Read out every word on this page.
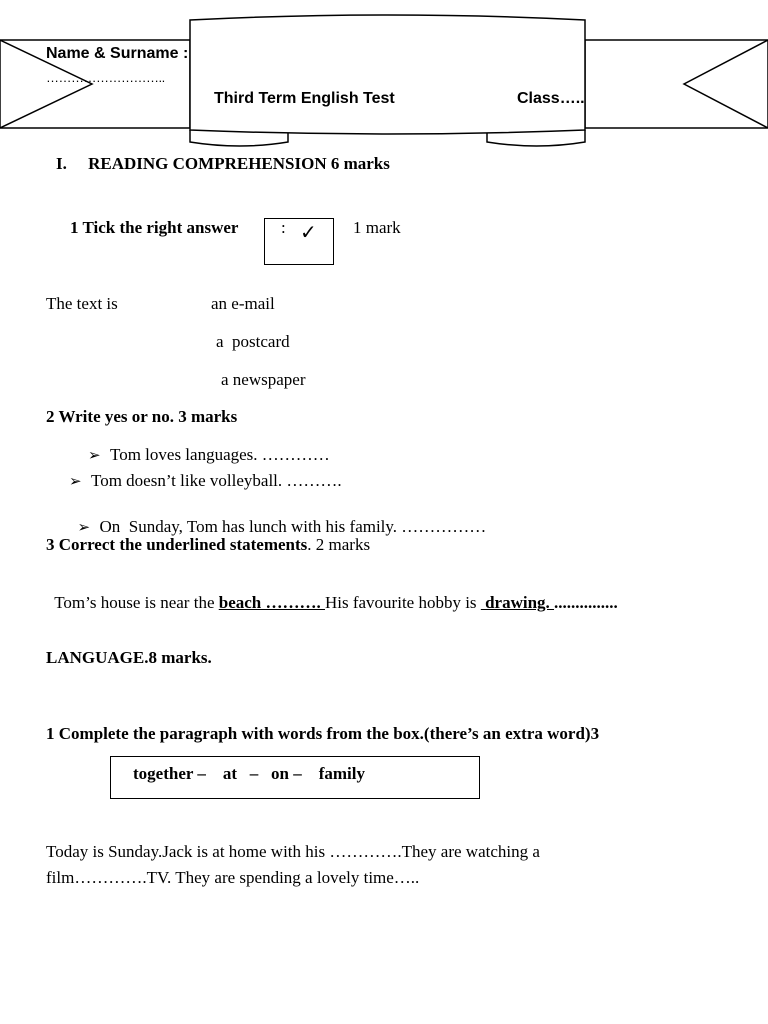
Name & Surname :
………………………..
Third Term English Test	Class…..
I.     READING COMPREHENSION 6 marks
1 Tick the right answer	: ✓ 1 mark
The text is	an e-mail
a  postcard
a newspaper
2 Write yes or no. 3 marks
➢ Tom loves languages. …………
➢ Tom doesn’t like volleyball. ……….

➢ On  Sunday, Tom has lunch with his family. ……………

3 Correct the underlined statements. 2 marks

Tom’s house is near the beach ………. His favourite hobby is  drawing. ...............

LANGUAGE.8 marks.
1 Complete the paragraph with words from the box.(there’s an extra word)3
together –    at   –   on –    family
Today is Sunday.Jack is at home with his ………….They are watching a
film………….TV. They are spending a lovely time…..
